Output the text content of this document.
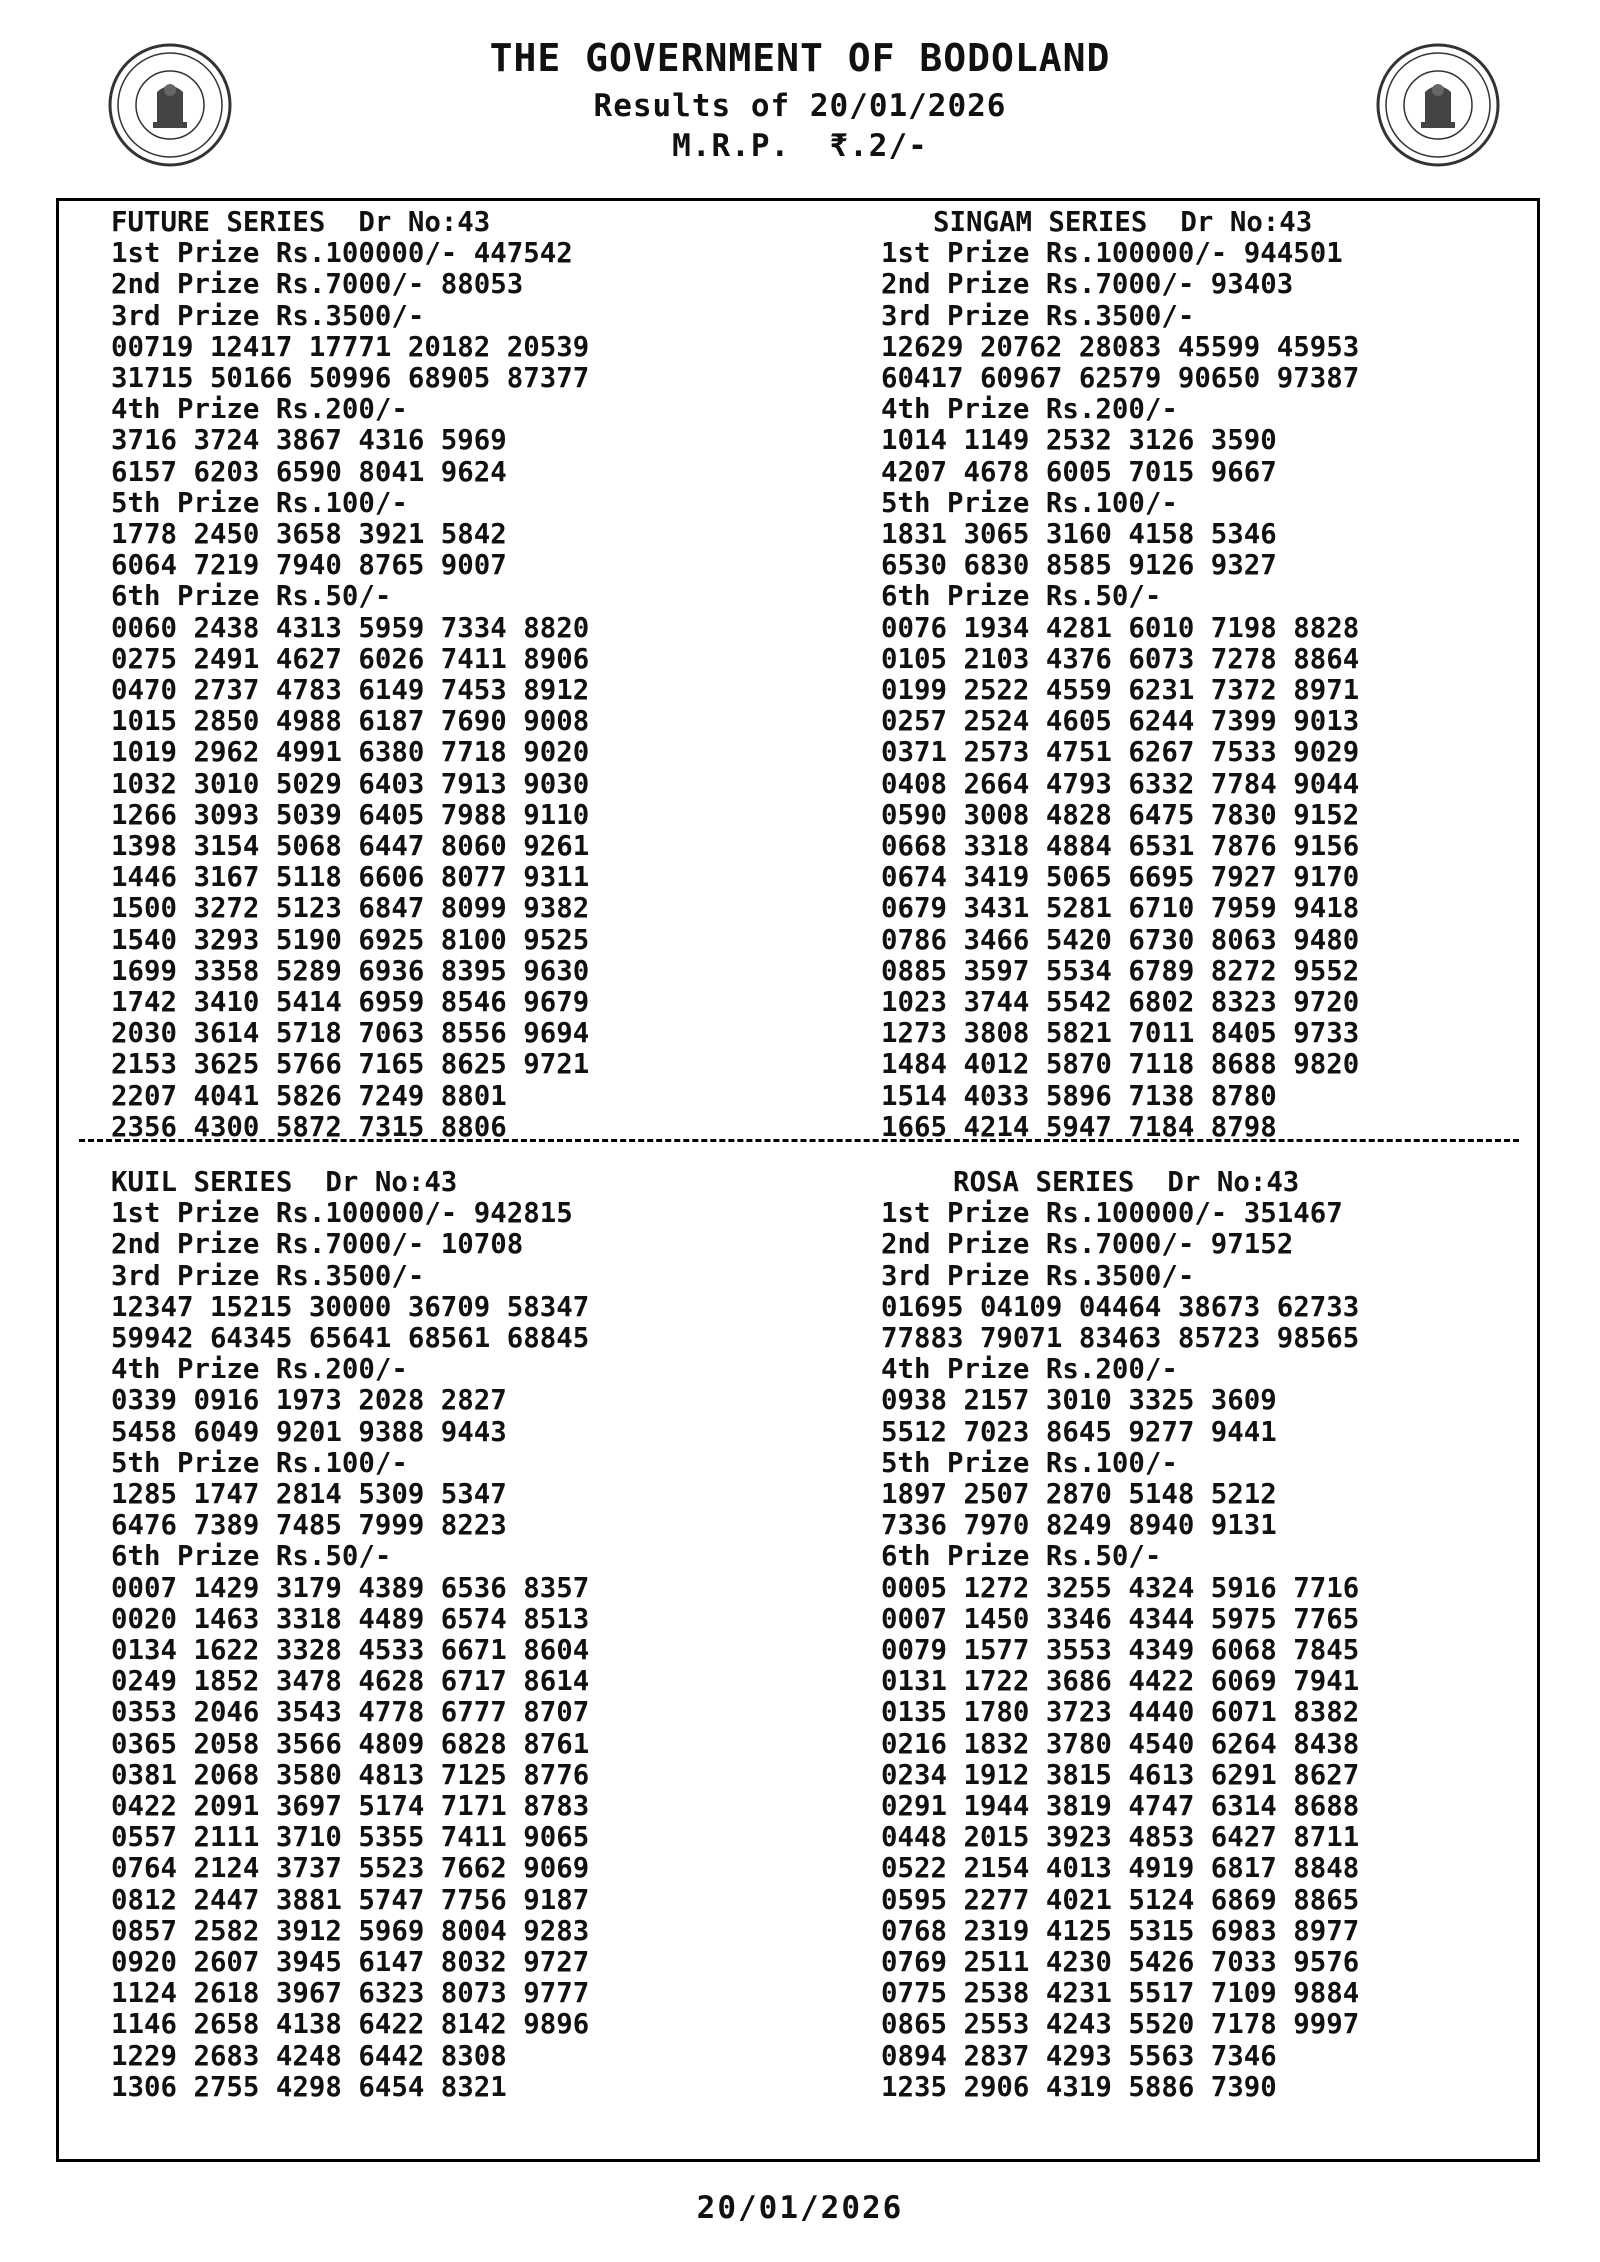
THE GOVERNMENT OF BODOLAND
Results of 20/01/2026
M.R.P.  ₹.2/-
FUTURE SERIES  Dr No:43
1st Prize Rs.100000/- 447542
2nd Prize Rs.7000/- 88053
3rd Prize Rs.3500/-
00719 12417 17771 20182 20539
31715 50166 50996 68905 87377
4th Prize Rs.200/-
3716 3724 3867 4316 5969
6157 6203 6590 8041 9624
5th Prize Rs.100/-
1778 2450 3658 3921 5842
6064 7219 7940 8765 9007
6th Prize Rs.50/-
0060 2438 4313 5959 7334 8820
0275 2491 4627 6026 7411 8906
0470 2737 4783 6149 7453 8912
1015 2850 4988 6187 7690 9008
1019 2962 4991 6380 7718 9020
1032 3010 5029 6403 7913 9030
1266 3093 5039 6405 7988 9110
1398 3154 5068 6447 8060 9261
1446 3167 5118 6606 8077 9311
1500 3272 5123 6847 8099 9382
1540 3293 5190 6925 8100 9525
1699 3358 5289 6936 8395 9630
1742 3410 5414 6959 8546 9679
2030 3614 5718 7063 8556 9694
2153 3625 5766 7165 8625 9721
2207 4041 5826 7249 8801
2356 4300 5872 7315 8806
SINGAM SERIES  Dr No:43
1st Prize Rs.100000/- 944501
2nd Prize Rs.7000/- 93403
3rd Prize Rs.3500/-
12629 20762 28083 45599 45953
60417 60967 62579 90650 97387
4th Prize Rs.200/-
1014 1149 2532 3126 3590
4207 4678 6005 7015 9667
5th Prize Rs.100/-
1831 3065 3160 4158 5346
6530 6830 8585 9126 9327
6th Prize Rs.50/-
0076 1934 4281 6010 7198 8828
0105 2103 4376 6073 7278 8864
0199 2522 4559 6231 7372 8971
0257 2524 4605 6244 7399 9013
0371 2573 4751 6267 7533 9029
0408 2664 4793 6332 7784 9044
0590 3008 4828 6475 7830 9152
0668 3318 4884 6531 7876 9156
0674 3419 5065 6695 7927 9170
0679 3431 5281 6710 7959 9418
0786 3466 5420 6730 8063 9480
0885 3597 5534 6789 8272 9552
1023 3744 5542 6802 8323 9720
1273 3808 5821 7011 8405 9733
1484 4012 5870 7118 8688 9820
1514 4033 5896 7138 8780
1665 4214 5947 7184 8798
KUIL SERIES  Dr No:43
1st Prize Rs.100000/- 942815
2nd Prize Rs.7000/- 10708
3rd Prize Rs.3500/-
12347 15215 30000 36709 58347
59942 64345 65641 68561 68845
4th Prize Rs.200/-
0339 0916 1973 2028 2827
5458 6049 9201 9388 9443
5th Prize Rs.100/-
1285 1747 2814 5309 5347
6476 7389 7485 7999 8223
6th Prize Rs.50/-
0007 1429 3179 4389 6536 8357
0020 1463 3318 4489 6574 8513
0134 1622 3328 4533 6671 8604
0249 1852 3478 4628 6717 8614
0353 2046 3543 4778 6777 8707
0365 2058 3566 4809 6828 8761
0381 2068 3580 4813 7125 8776
0422 2091 3697 5174 7171 8783
0557 2111 3710 5355 7411 9065
0764 2124 3737 5523 7662 9069
0812 2447 3881 5747 7756 9187
0857 2582 3912 5969 8004 9283
0920 2607 3945 6147 8032 9727
1124 2618 3967 6323 8073 9777
1146 2658 4138 6422 8142 9896
1229 2683 4248 6442 8308
1306 2755 4298 6454 8321
ROSA SERIES  Dr No:43
1st Prize Rs.100000/- 351467
2nd Prize Rs.7000/- 97152
3rd Prize Rs.3500/-
01695 04109 04464 38673 62733
77883 79071 83463 85723 98565
4th Prize Rs.200/-
0938 2157 3010 3325 3609
5512 7023 8645 9277 9441
5th Prize Rs.100/-
1897 2507 2870 5148 5212
7336 7970 8249 8940 9131
6th Prize Rs.50/-
0005 1272 3255 4324 5916 7716
0007 1450 3346 4344 5975 7765
0079 1577 3553 4349 6068 7845
0131 1722 3686 4422 6069 7941
0135 1780 3723 4440 6071 8382
0216 1832 3780 4540 6264 8438
0234 1912 3815 4613 6291 8627
0291 1944 3819 4747 6314 8688
0448 2015 3923 4853 6427 8711
0522 2154 4013 4919 6817 8848
0595 2277 4021 5124 6869 8865
0768 2319 4125 5315 6983 8977
0769 2511 4230 5426 7033 9576
0775 2538 4231 5517 7109 9884
0865 2553 4243 5520 7178 9997
0894 2837 4293 5563 7346
1235 2906 4319 5886 7390
20/01/2026
